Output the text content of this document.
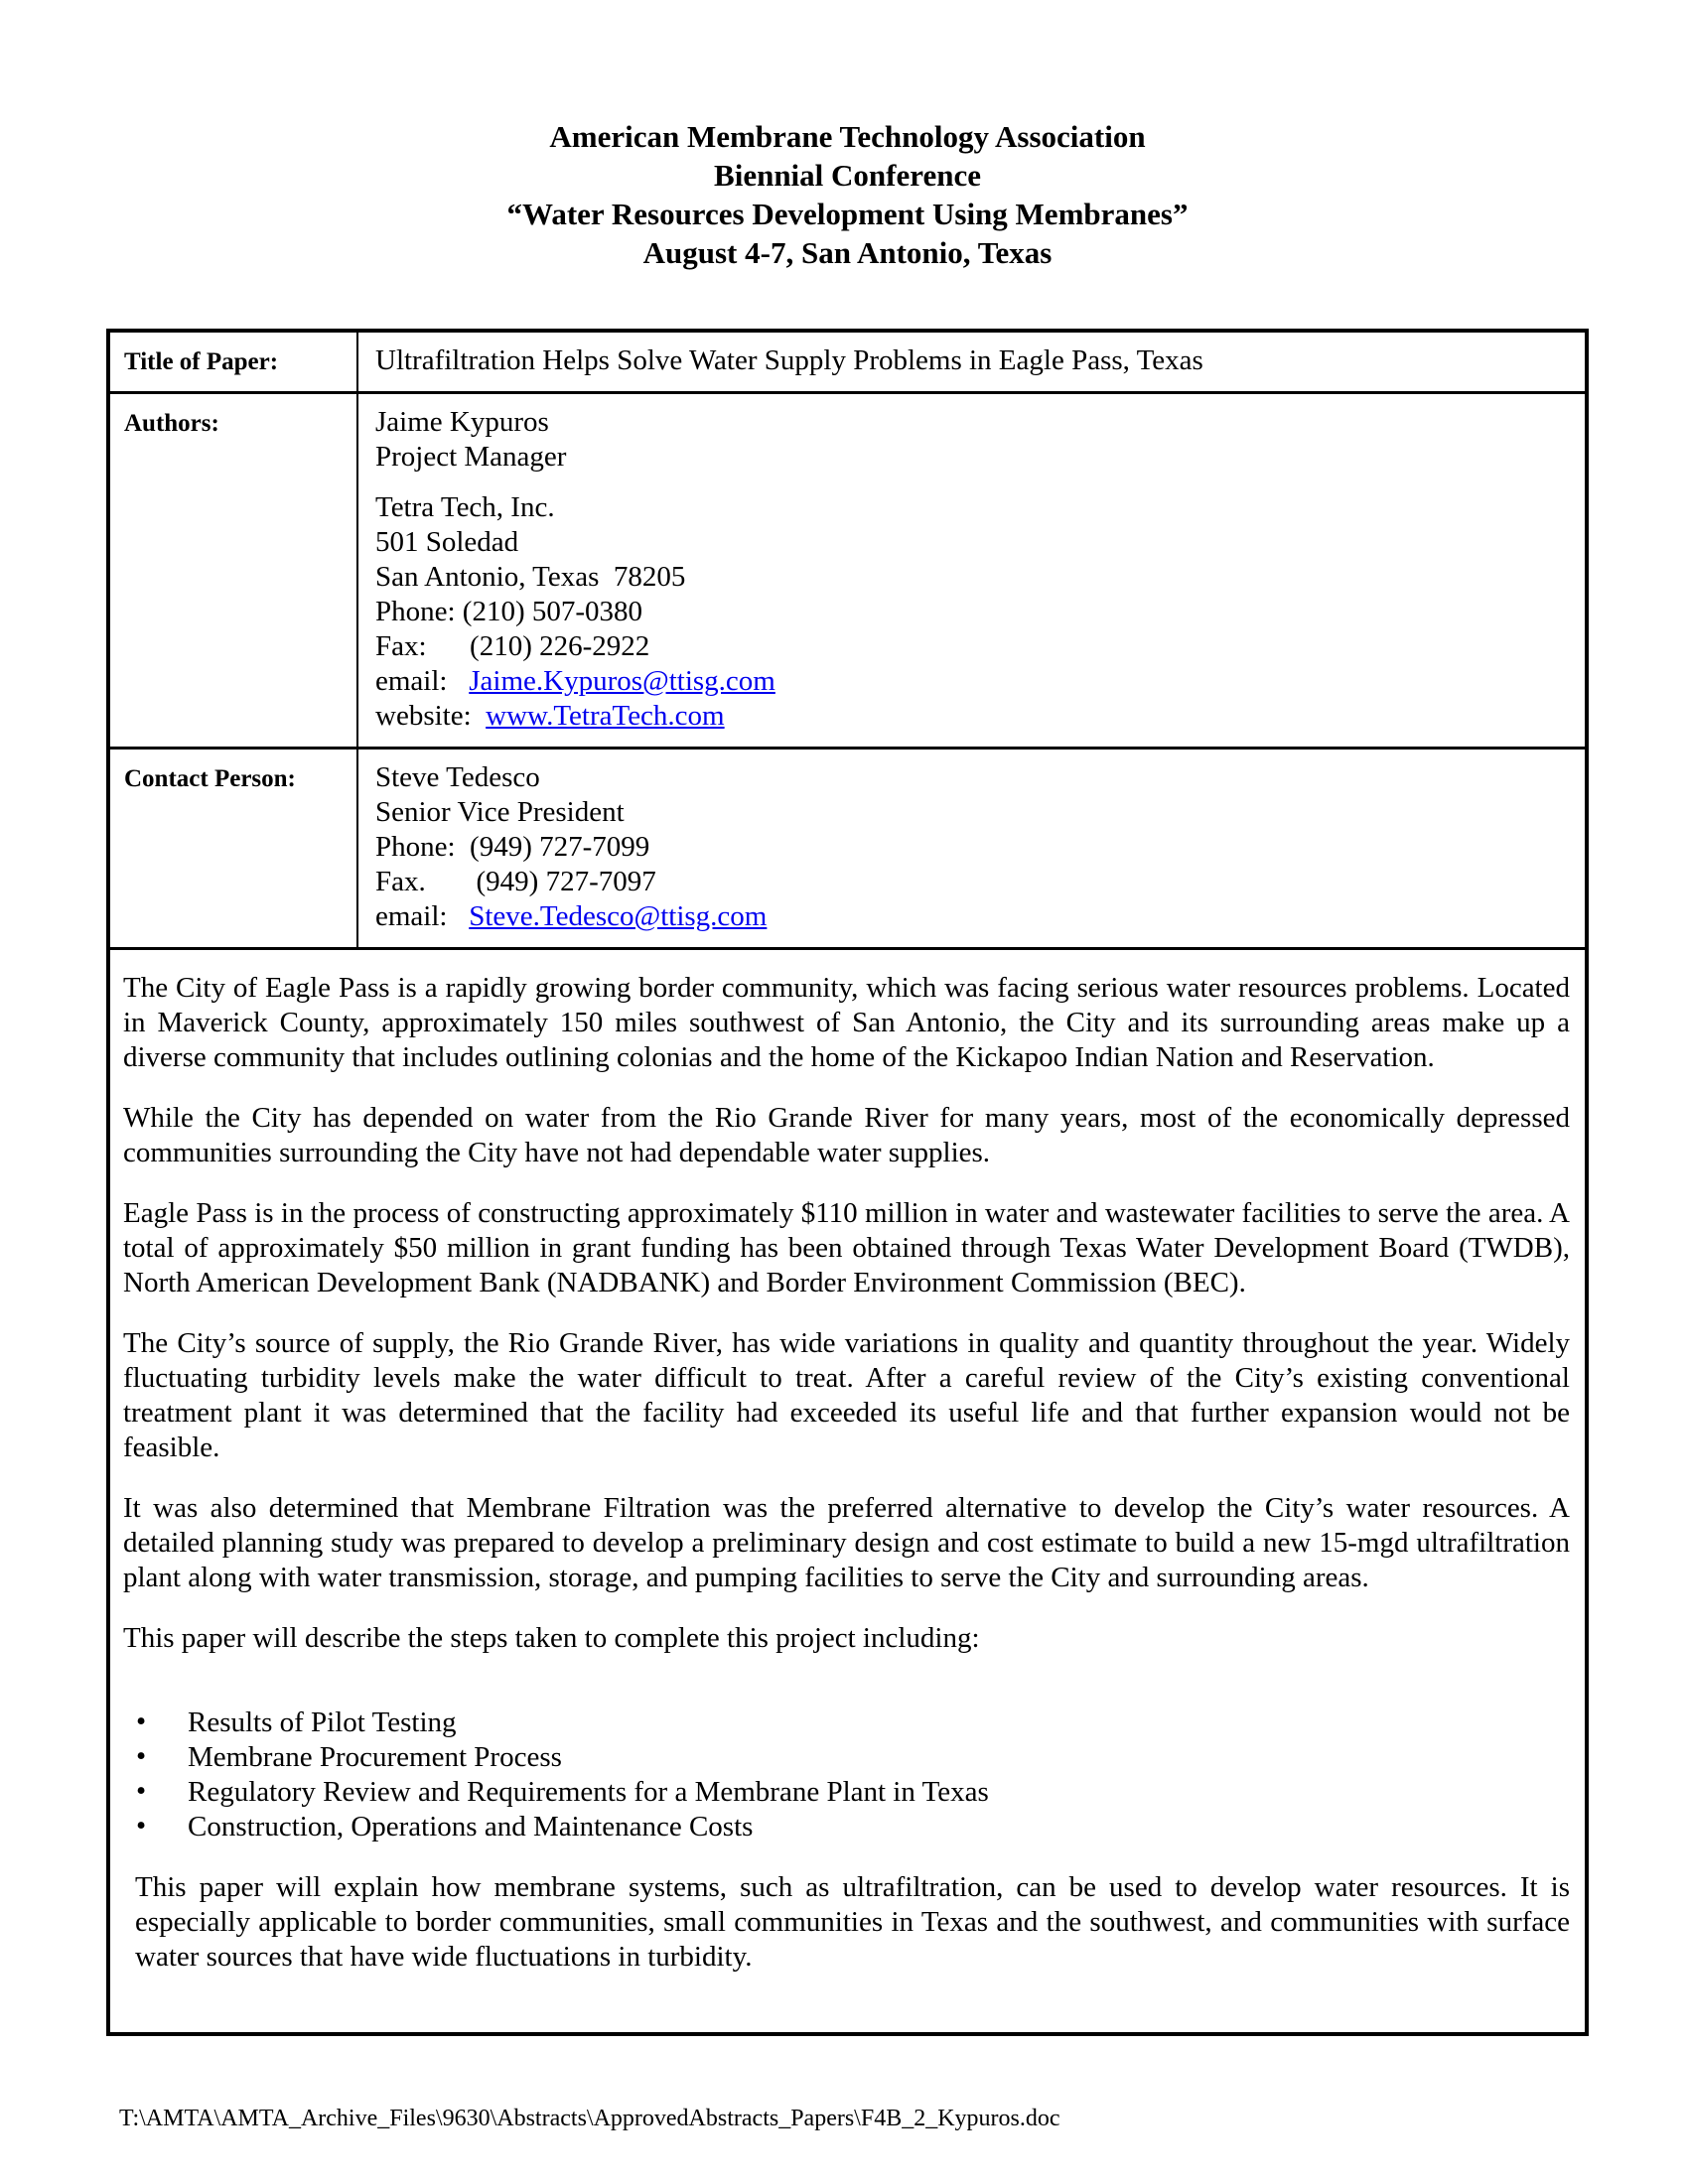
American Membrane Technology Association
Biennial Conference
“Water Resources Development Using Membranes”
August 4-7, San Antonio, Texas
Title of Paper:	Ultrafiltration Helps Solve Water Supply Problems in Eagle Pass, Texas
Authors:	Jaime Kypuros
Project Manager
Tetra Tech, Inc.
501 Soledad
San Antonio, Texas  78205
Phone: (210) 507-0380
Fax:      (210) 226-2922
email:   Jaime.Kypuros@ttisg.com
website:  www.TetraTech.com
Contact Person:	Steve Tedesco
Senior Vice President
Phone:  (949) 727-7099
Fax.       (949) 727-7097
email:   Steve.Tedesco@ttisg.com

The City of Eagle Pass is a rapidly growing border community, which was facing serious water resources problems. Located in Maverick County, approximately 150 miles southwest of San Antonio, the City and its surrounding areas make up a diverse community that includes outlining colonias and the home of the Kickapoo Indian Nation and Reservation.

While the City has depended on water from the Rio Grande River for many years, most of the economically depressed communities surrounding the City have not had dependable water supplies.

Eagle Pass is in the process of constructing approximately $110 million in water and wastewater facilities to serve the area. A total of approximately $50 million in grant funding has been obtained through Texas Water Development Board (TWDB), North American Development Bank (NADBANK) and Border Environment Commission (BEC).

The City’s source of supply, the Rio Grande River, has wide variations in quality and quantity throughout the year. Widely fluctuating turbidity levels make the water difficult to treat. After a careful review of the City’s existing conventional treatment plant it was determined that the facility had exceeded its useful life and that further expansion would not be feasible.

It was also determined that Membrane Filtration was the preferred alternative to develop the City’s water resources. A detailed planning study was prepared to develop a preliminary design and cost estimate to build a new 15-mgd ultrafiltration plant along with water transmission, storage, and pumping facilities to serve the City and surrounding areas.

This paper will describe the steps taken to complete this project including:

• Results of Pilot Testing
• Membrane Procurement Process
• Regulatory Review and Requirements for a Membrane Plant in Texas
• Construction, Operations and Maintenance Costs

This paper will explain how membrane systems, such as ultrafiltration, can be used to develop water resources. It is especially applicable to border communities, small communities in Texas and the southwest, and communities with surface water sources that have wide fluctuations in turbidity.

T:\AMTA\AMTA_Archive_Files\9630\Abstracts\ApprovedAbstracts_Papers\F4B_2_Kypuros.doc
